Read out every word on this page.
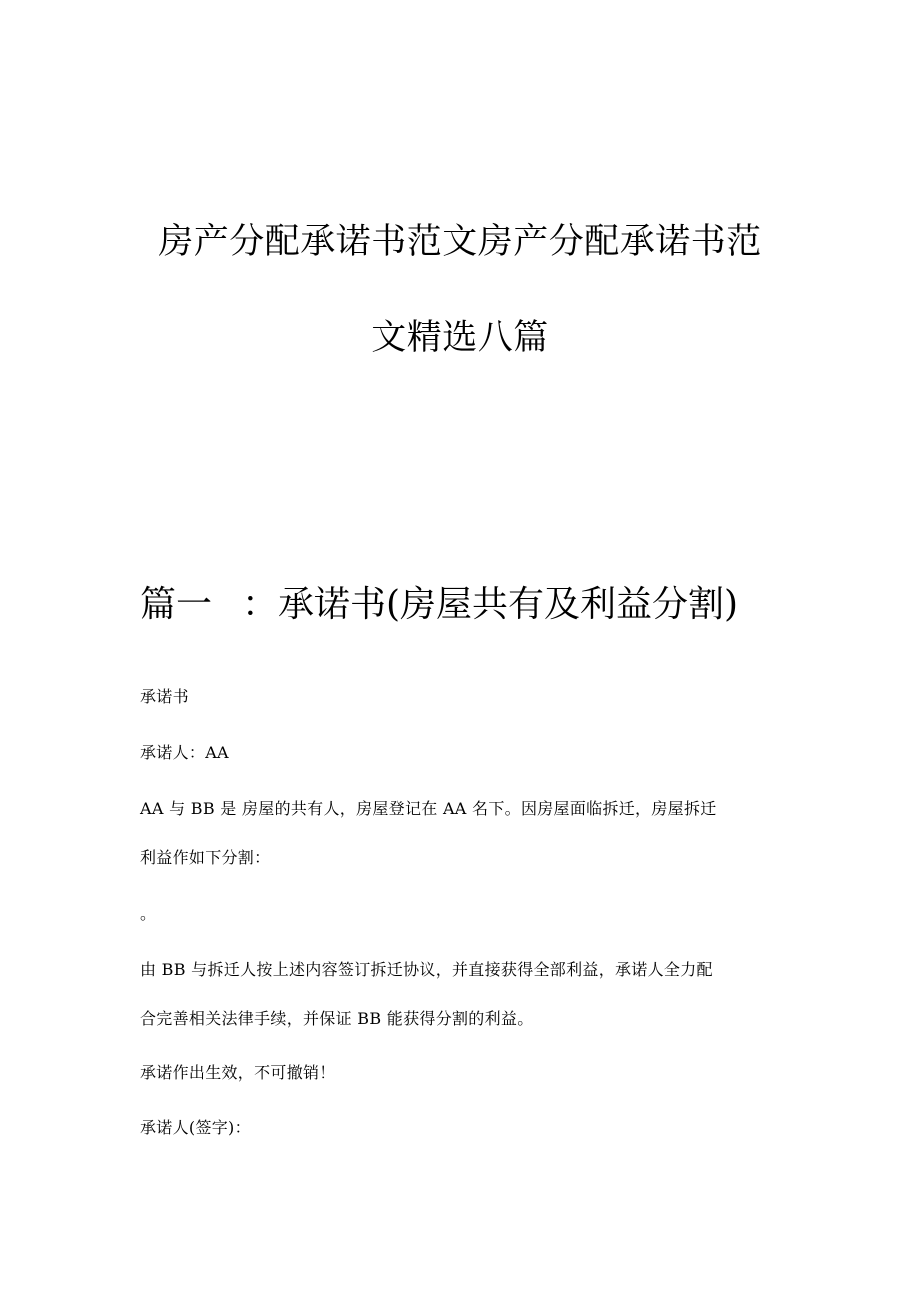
房产分配承诺书范文房产分配承诺书范
文精选八篇
篇一 ：承诺书(房屋共有及利益分割)
承诺书
承诺人：AA
AA 与 BB 是 房屋的共有人，房屋登记在 AA 名下。因房屋面临拆迁，房屋拆迁
利益作如下分割：
。
由 BB 与拆迁人按上述内容签订拆迁协议，并直接获得全部利益，承诺人全力配
合完善相关法律手续，并保证 BB 能获得分割的利益。
承诺作出生效，不可撤销！
承诺人(签字)：
